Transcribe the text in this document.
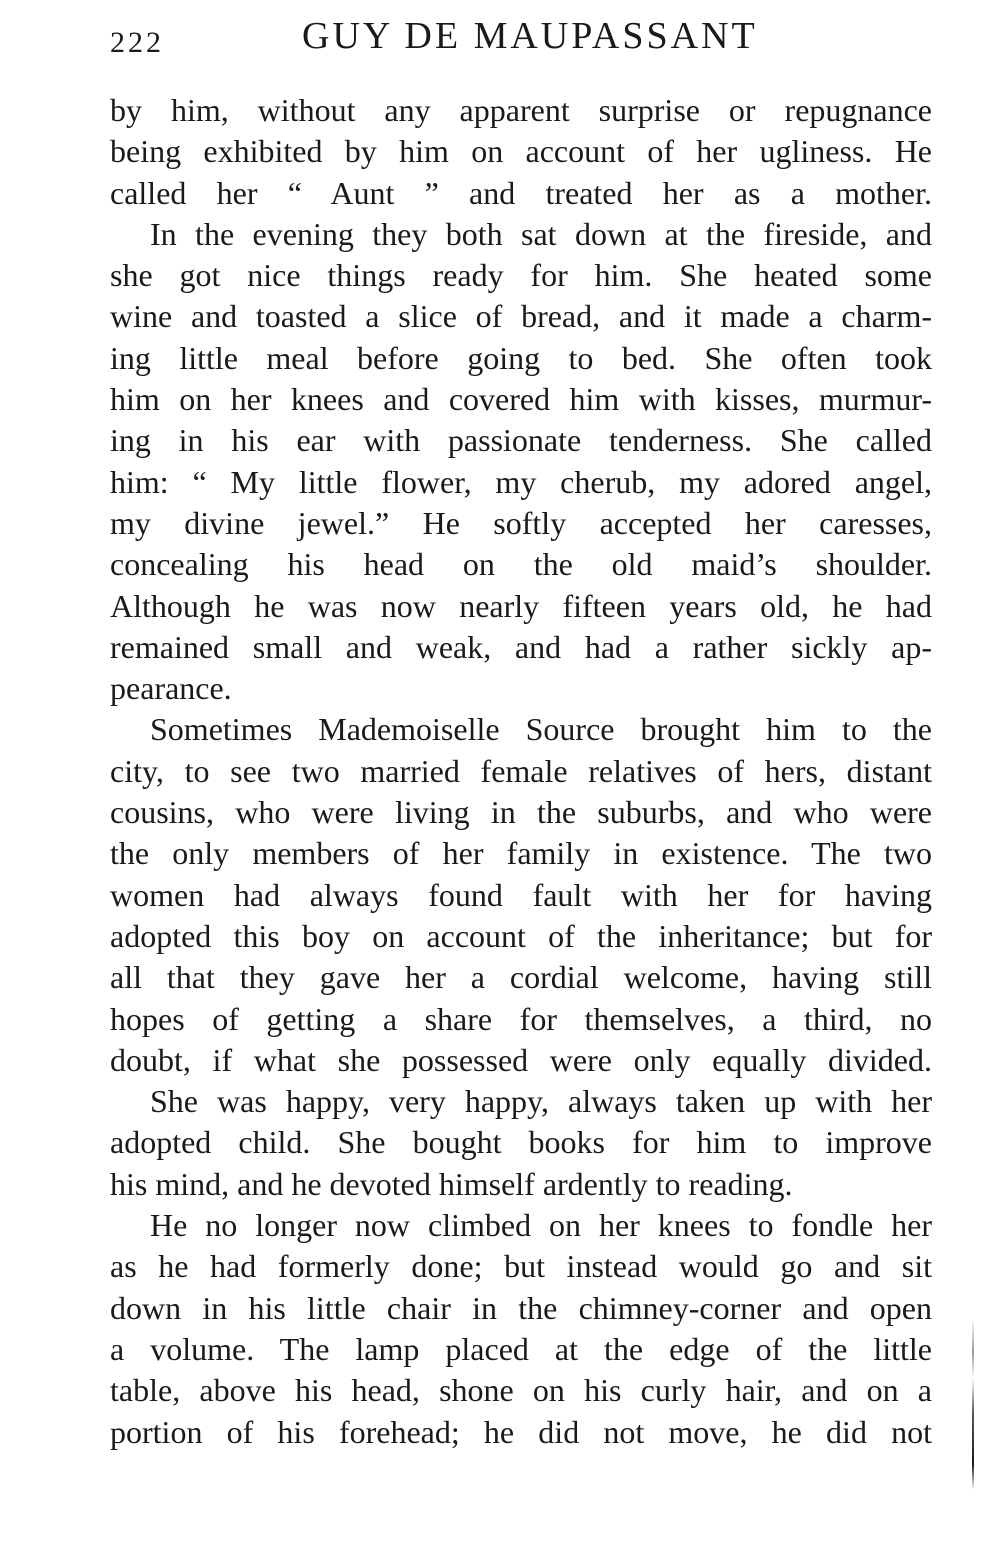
222	GUY DE MAUPASSANT
by him, without any apparent surprise or repugnance
being exhibited by him on account of her ugliness. He
called her “ Aunt ” and treated her as a mother.
In the evening they both sat down at the fireside, and
she got nice things ready for him. She heated some
wine and toasted a slice of bread, and it made a charm-
ing little meal before going to bed. She often took
him on her knees and covered him with kisses, murmur-
ing in his ear with passionate tenderness. She called
him: “ My little flower, my cherub, my adored angel,
my divine jewel.” He softly accepted her caresses,
concealing his head on the old maid’s shoulder.
Although he was now nearly fifteen years old, he had
remained small and weak, and had a rather sickly ap-
pearance.
Sometimes Mademoiselle Source brought him to the
city, to see two married female relatives of hers, distant
cousins, who were living in the suburbs, and who were
the only members of her family in existence. The two
women had always found fault with her for having
adopted this boy on account of the inheritance; but for
all that they gave her a cordial welcome, having still
hopes of getting a share for themselves, a third, no
doubt, if what she possessed were only equally divided.
She was happy, very happy, always taken up with her
adopted child. She bought books for him to improve
his mind, and he devoted himself ardently to reading.
He no longer now climbed on her knees to fondle her
as he had formerly done; but instead would go and sit
down in his little chair in the chimney-corner and open
a volume. The lamp placed at the edge of the little
table, above his head, shone on his curly hair, and on a
portion of his forehead; he did not move, he did not
